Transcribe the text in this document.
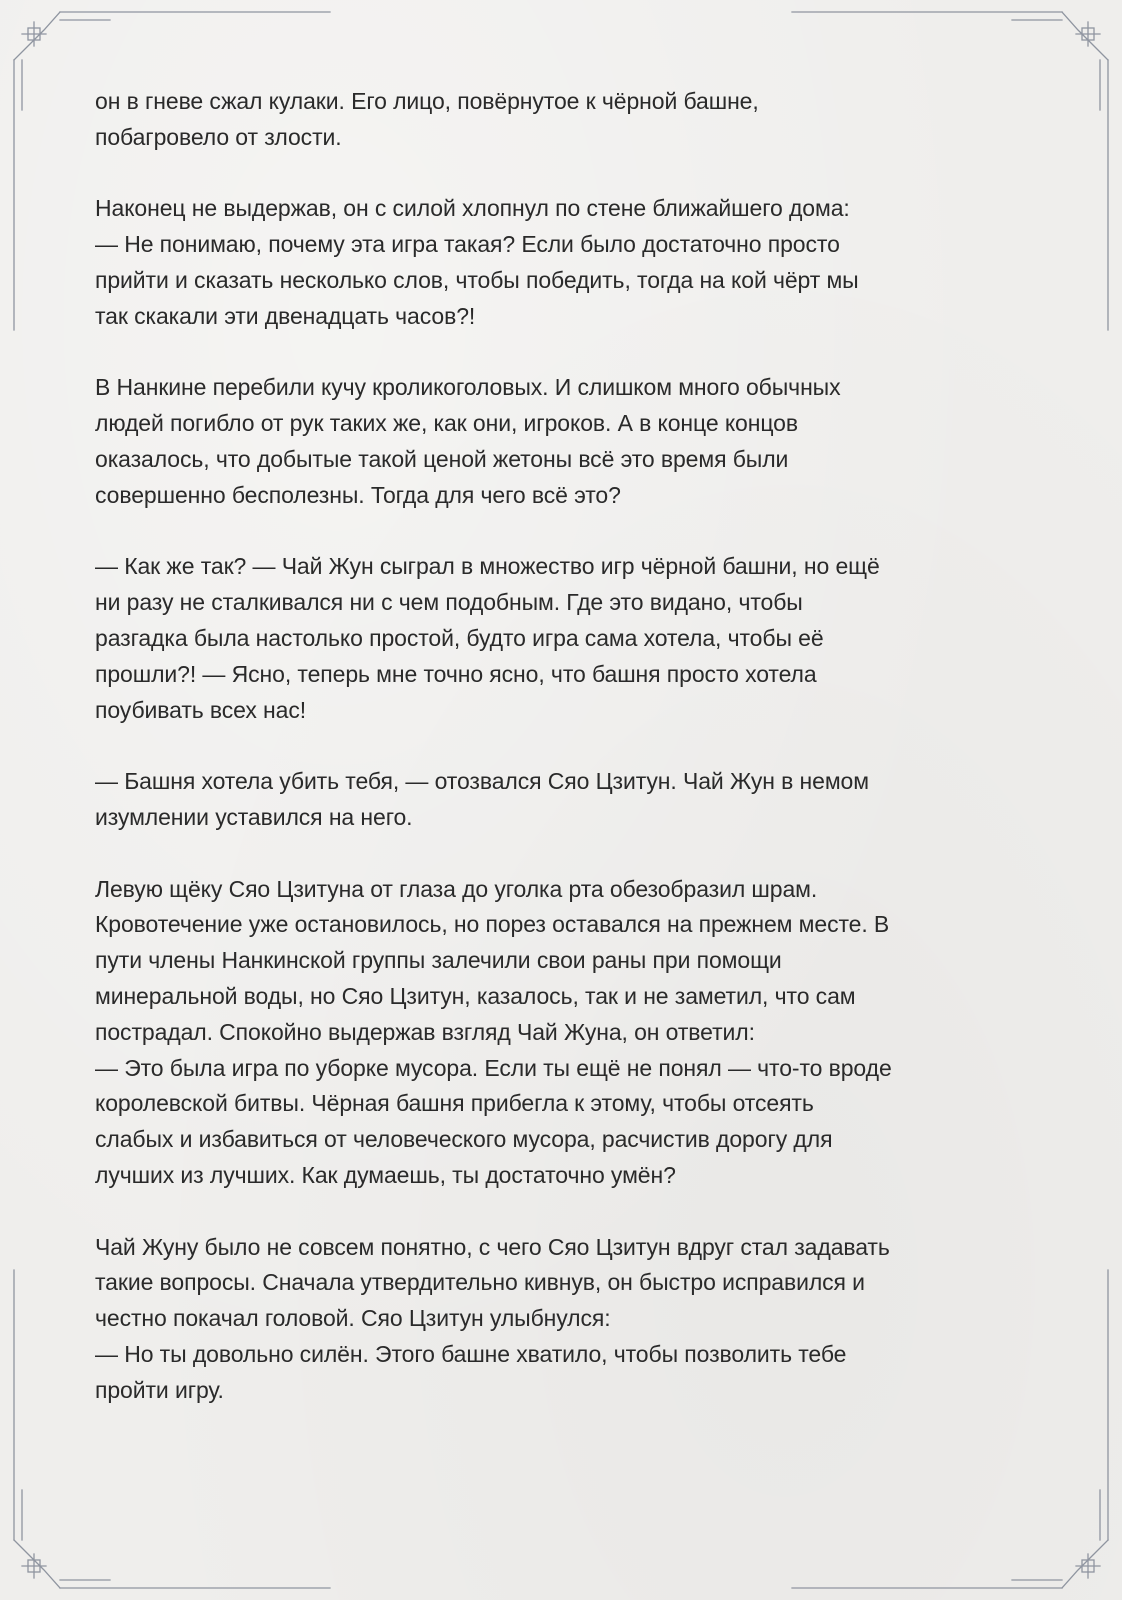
он в гневе сжал кулаки. Его лицо, повёрнутое к чёрной башне,
побагровело от злости.
Наконец не выдержав, он с силой хлопнул по стене ближайшего дома:
— Не понимаю, почему эта игра такая? Если было достаточно просто
прийти и сказать несколько слов, чтобы победить, тогда на кой чёрт мы
так скакали эти двенадцать часов?!
В Нанкине перебили кучу кроликоголовых. И слишком много обычных
людей погибло от рук таких же, как они, игроков. А в конце концов
оказалось, что добытые такой ценой жетоны всё это время были
совершенно бесполезны. Тогда для чего всё это?
— Как же так? — Чай Жун сыграл в множество игр чёрной башни, но ещё
ни разу не сталкивался ни с чем подобным. Где это видано, чтобы
разгадка была настолько простой, будто игра сама хотела, чтобы её
прошли?! — Ясно, теперь мне точно ясно, что башня просто хотела
поубивать всех нас!
— Башня хотела убить тебя, — отозвался Сяо Цзитун. Чай Жун в немом
изумлении уставился на него.
Левую щёку Сяо Цзитуна от глаза до уголка рта обезобразил шрам.
Кровотечение уже остановилось, но порез оставался на прежнем месте. В
пути члены Нанкинской группы залечили свои раны при помощи
минеральной воды, но Сяо Цзитун, казалось, так и не заметил, что сам
пострадал. Спокойно выдержав взгляд Чай Жуна, он ответил:
— Это была игра по уборке мусора. Если ты ещё не понял — что-то вроде
королевской битвы. Чёрная башня прибегла к этому, чтобы отсеять
слабых и избавиться от человеческого мусора, расчистив дорогу для
лучших из лучших. Как думаешь, ты достаточно умён?
Чай Жуну было не совсем понятно, с чего Сяо Цзитун вдруг стал задавать
такие вопросы. Сначала утвердительно кивнув, он быстро исправился и
честно покачал головой. Сяо Цзитун улыбнулся:
— Но ты довольно силён. Этого башне хватило, чтобы позволить тебе
пройти игру.
